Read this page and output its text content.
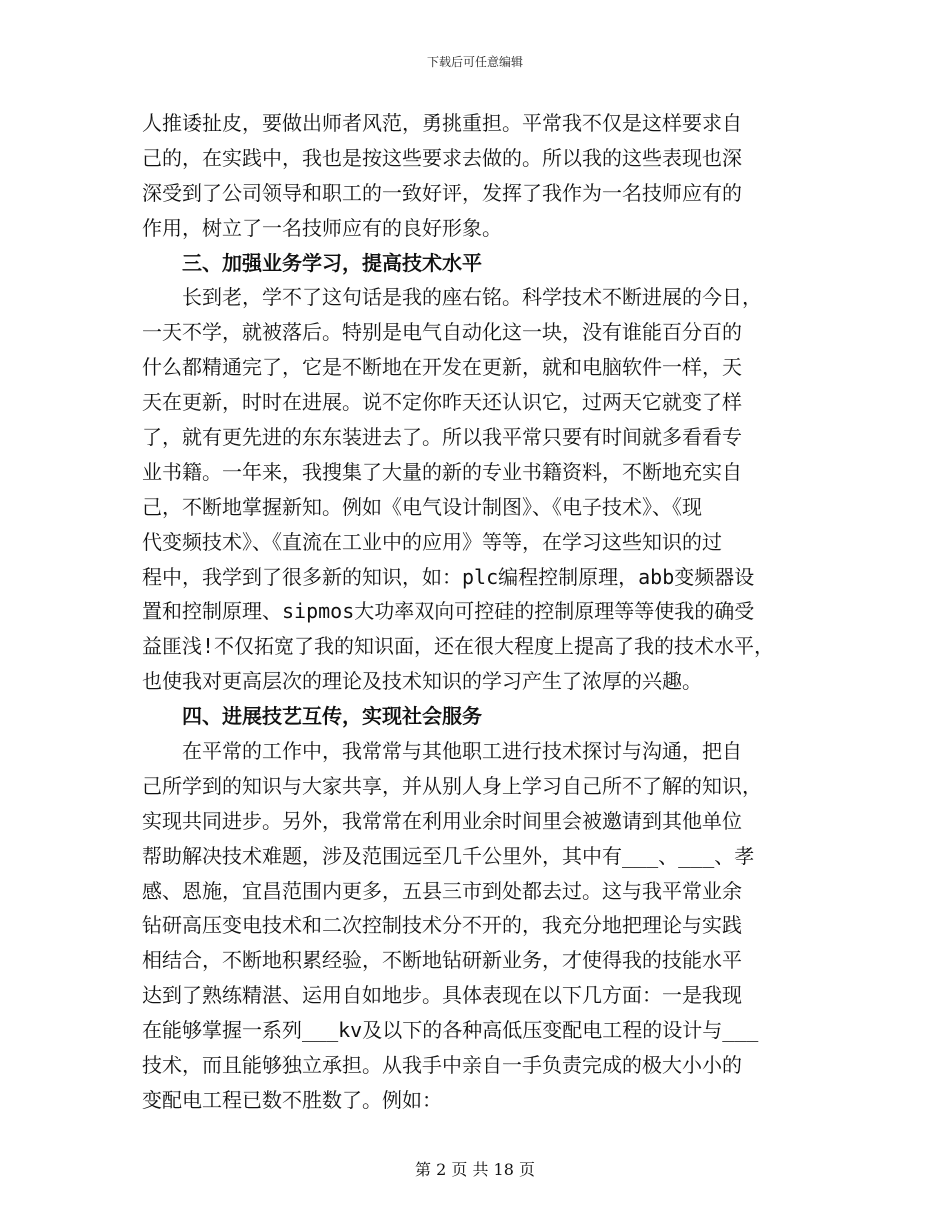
下载后可任意编辑
人推诿扯皮，要做出师者风范，勇挑重担。平常我不仅是这样要求自
己的，在实践中，我也是按这些要求去做的。所以我的这些表现也深
深受到了公司领导和职工的一致好评，发挥了我作为一名技师应有的
作用，树立了一名技师应有的良好形象。
　　三、加强业务学习，提高技术水平
　　长到老，学不了这句话是我的座右铭。科学技术不断进展的今日，
一天不学，就被落后。特别是电气自动化这一块，没有谁能百分百的
什么都精通完了，它是不断地在开发在更新，就和电脑软件一样，天
天在更新，时时在进展。说不定你昨天还认识它，过两天它就变了样
了，就有更先进的东东装进去了。所以我平常只要有时间就多看看专
业书籍。一年来，我搜集了大量的新的专业书籍资料，不断地充实自
己，不断地掌握新知。例如《电气设计制图》、《电子技术》、《现
代变频技术》、《直流在工业中的应用》等等，在学习这些知识的过
程中，我学到了很多新的知识，如：plc编程控制原理，abb变频器设
置和控制原理、sipmos大功率双向可控硅的控制原理等等使我的确受
益匪浅!不仅拓宽了我的知识面，还在很大程度上提高了我的技术水平，
也使我对更高层次的理论及技术知识的学习产生了浓厚的兴趣。
　　四、进展技艺互传，实现社会服务
　　在平常的工作中，我常常与其他职工进行技术探讨与沟通，把自
己所学到的知识与大家共享，并从别人身上学习自己所不了解的知识，
实现共同进步。另外，我常常在利用业余时间里会被邀请到其他单位
帮助解决技术难题，涉及范围远至几千公里外，其中有___、___、孝
感、恩施，宜昌范围内更多，五县三市到处都去过。这与我平常业余
钻研高压变电技术和二次控制技术分不开的，我充分地把理论与实践
相结合，不断地积累经验，不断地钻研新业务，才使得我的技能水平
达到了熟练精湛、运用自如地步。具体表现在以下几方面：一是我现
在能够掌握一系列___kv及以下的各种高低压变配电工程的设计与___
技术，而且能够独立承担。从我手中亲自一手负责完成的极大小小的
变配电工程已数不胜数了。例如：
第 2 页 共 18 页
